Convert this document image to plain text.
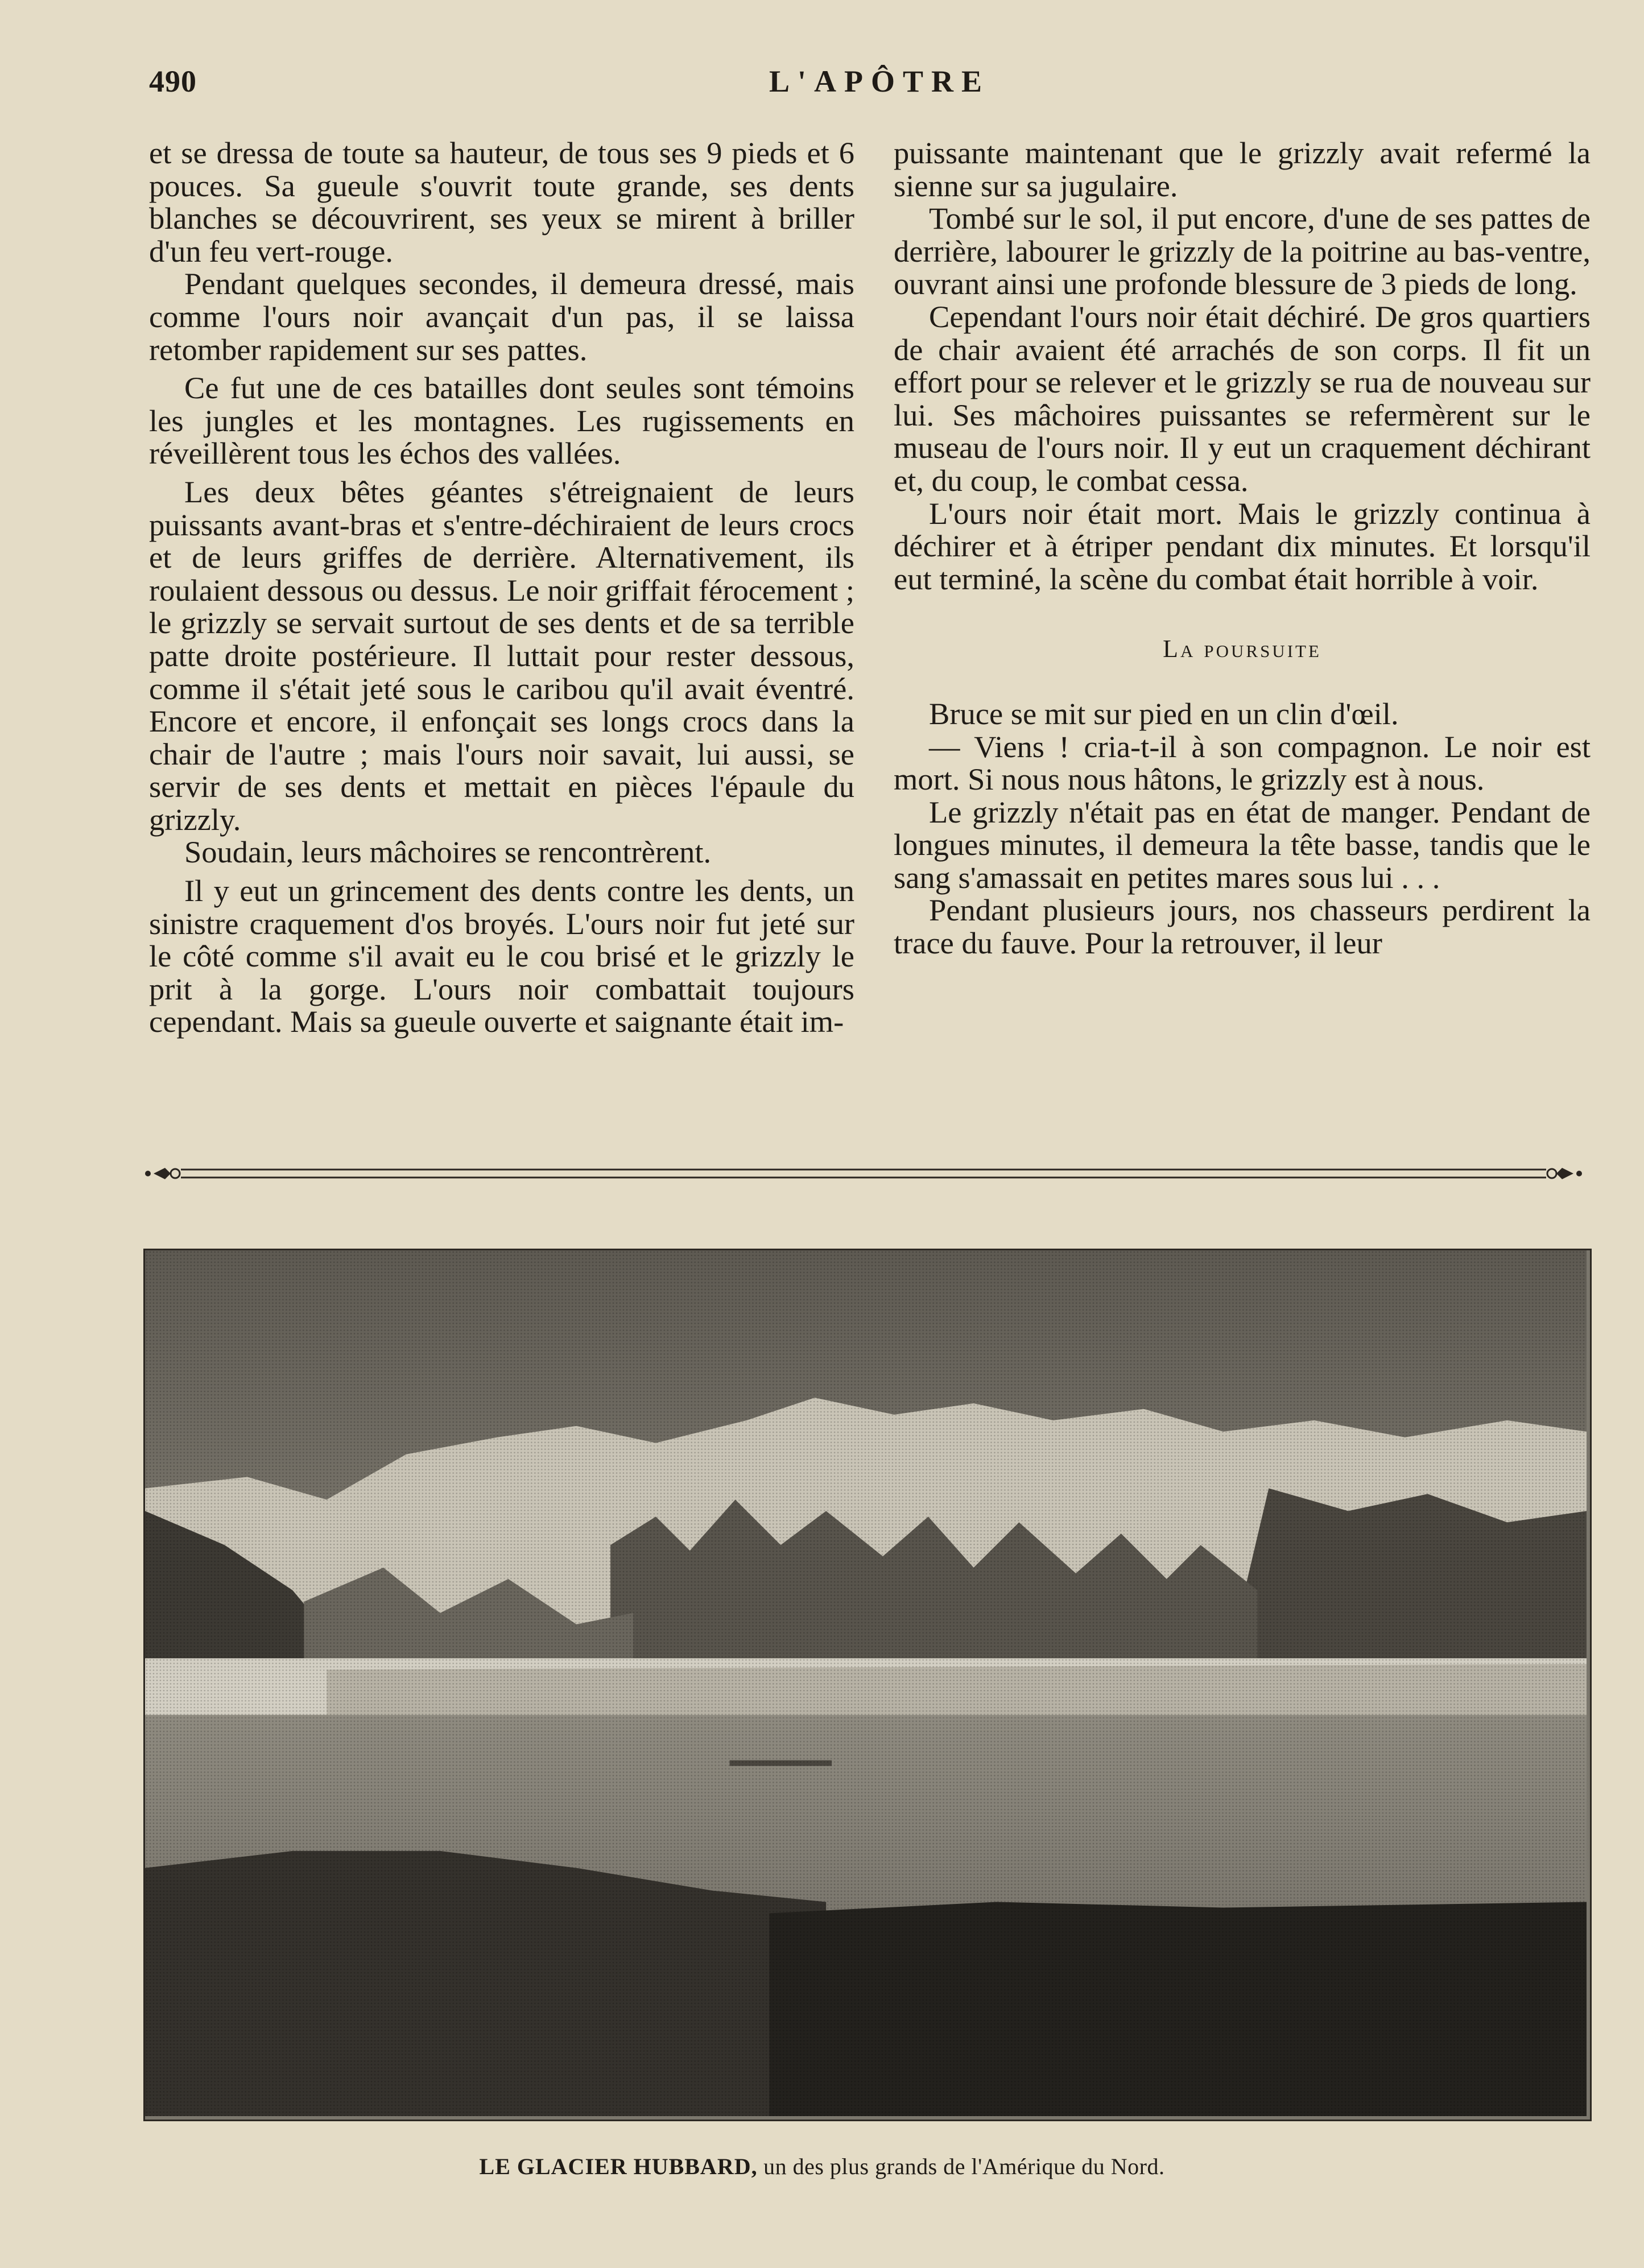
490	L'APÔTRE

et se dressa de toute sa hauteur, de tous ses 9 pieds et 6 pouces. Sa gueule s'ouvrit toute grande, ses dents blanches se découvrirent, ses yeux se mirent à briller d'un feu vert-rouge.

Pendant quelques secondes, il demeura dressé, mais comme l'ours noir avançait d'un pas, il se laissa retomber rapidement sur ses pattes.

Ce fut une de ces batailles dont seules sont témoins les jungles et les montagnes. Les rugissements en réveillèrent tous les échos des vallées.

Les deux bêtes géantes s'étreignaient de leurs puissants avant-bras et s'entre-déchiraient de leurs crocs et de leurs griffes de derrière. Alternativement, ils roulaient dessous ou dessus. Le noir griffait férocement ; le grizzly se servait surtout de ses dents et de sa terrible patte droite postérieure. Il luttait pour rester dessous, comme il s'était jeté sous le caribou qu'il avait éventré. Encore et encore, il enfonçait ses longs crocs dans la chair de l'autre ; mais l'ours noir savait, lui aussi, se servir de ses dents et mettait en pièces l'épaule du grizzly.

Soudain, leurs mâchoires se rencontrèrent.

Il y eut un grincement des dents contre les dents, un sinistre craquement d'os broyés. L'ours noir fut jeté sur le côté comme s'il avait eu le cou brisé et le grizzly le prit à la gorge. L'ours noir combattait toujours cependant. Mais sa gueule ouverte et saignante était im-

puissante maintenant que le grizzly avait refermé la sienne sur sa jugulaire.

Tombé sur le sol, il put encore, d'une de ses pattes de derrière, labourer le grizzly de la poitrine au bas-ventre, ouvrant ainsi une profonde blessure de 3 pieds de long.

Cependant l'ours noir était déchiré. De gros quartiers de chair avaient été arrachés de son corps. Il fit un effort pour se relever et le grizzly se rua de nouveau sur lui. Ses mâchoires puissantes se refermèrent sur le museau de l'ours noir. Il y eut un craquement déchirant et, du coup, le combat cessa.

L'ours noir était mort. Mais le grizzly continua à déchirer et à étriper pendant dix minutes. Et lorsqu'il eut terminé, la scène du combat était horrible à voir.

La poursuite

Bruce se mit sur pied en un clin d'œil.

— Viens ! cria-t-il à son compagnon. Le noir est mort. Si nous nous hâtons, le grizzly est à nous.

Le grizzly n'était pas en état de manger. Pendant de longues minutes, il demeura la tête basse, tandis que le sang s'amassait en petites mares sous lui . . .

Pendant plusieurs jours, nos chasseurs perdirent la trace du fauve. Pour la retrouver, il leur

LE GLACIER HUBBARD, un des plus grands de l'Amérique du Nord.
